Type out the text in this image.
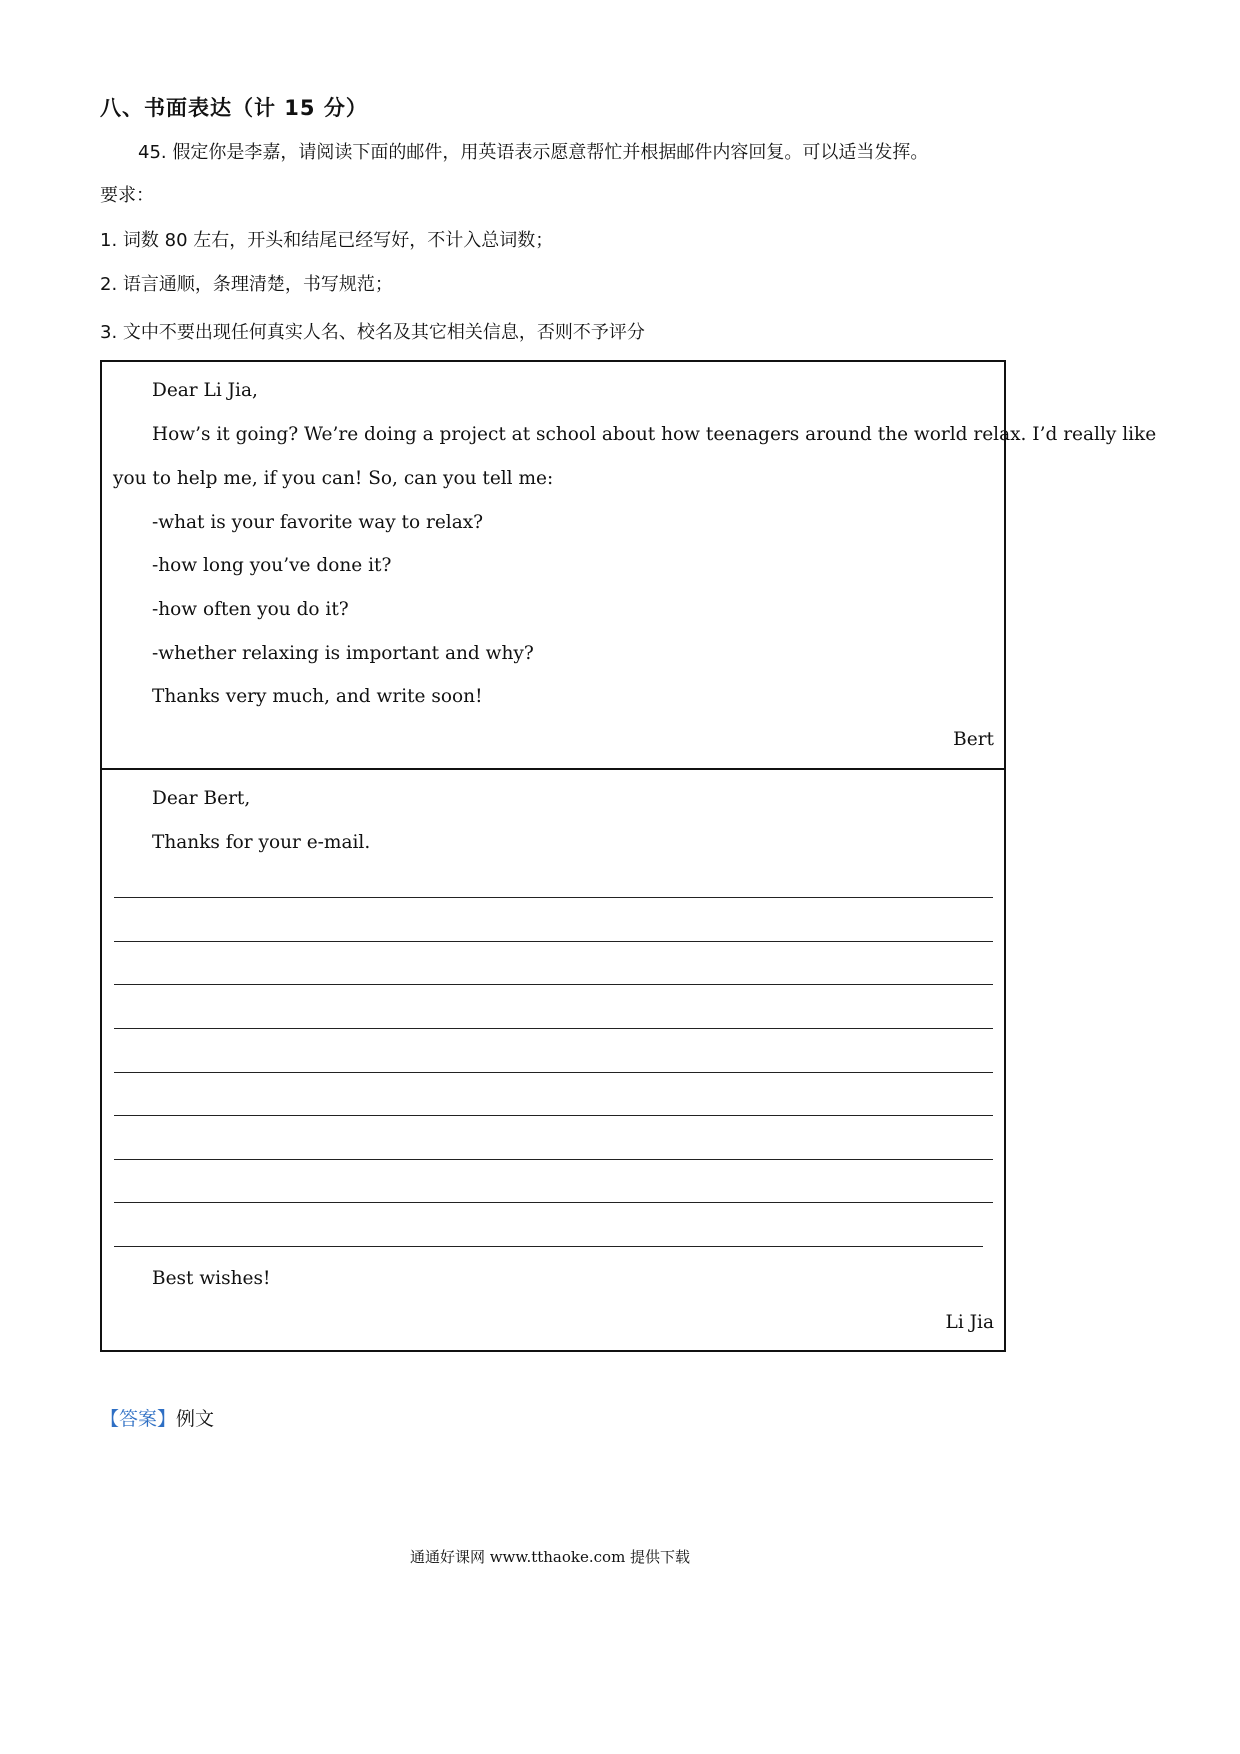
八、书面表达（计 15 分）
45. 假定你是李嘉，请阅读下面的邮件，用英语表示愿意帮忙并根据邮件内容回复。可以适当发挥。
要求：
1. 词数 80 左右，开头和结尾已经写好，不计入总词数；
2. 语言通顺，条理清楚，书写规范；
3. 文中不要出现任何真实人名、校名及其它相关信息，否则不予评分
Dear Li Jia,
How’s it going? We’re doing a project at school about how teenagers around the world relax. I’d really like
you to help me, if you can! So, can you tell me:
-what is your favorite way to relax?
-how long you’ve done it?
-how often you do it?
-whether relaxing is important and why?
Thanks very much, and write soon!
Bert
Dear Bert,
Thanks for your e-mail.
Best wishes!
Li Jia
【答案】例文
通通好课网 www.tthaoke.com 提供下载
